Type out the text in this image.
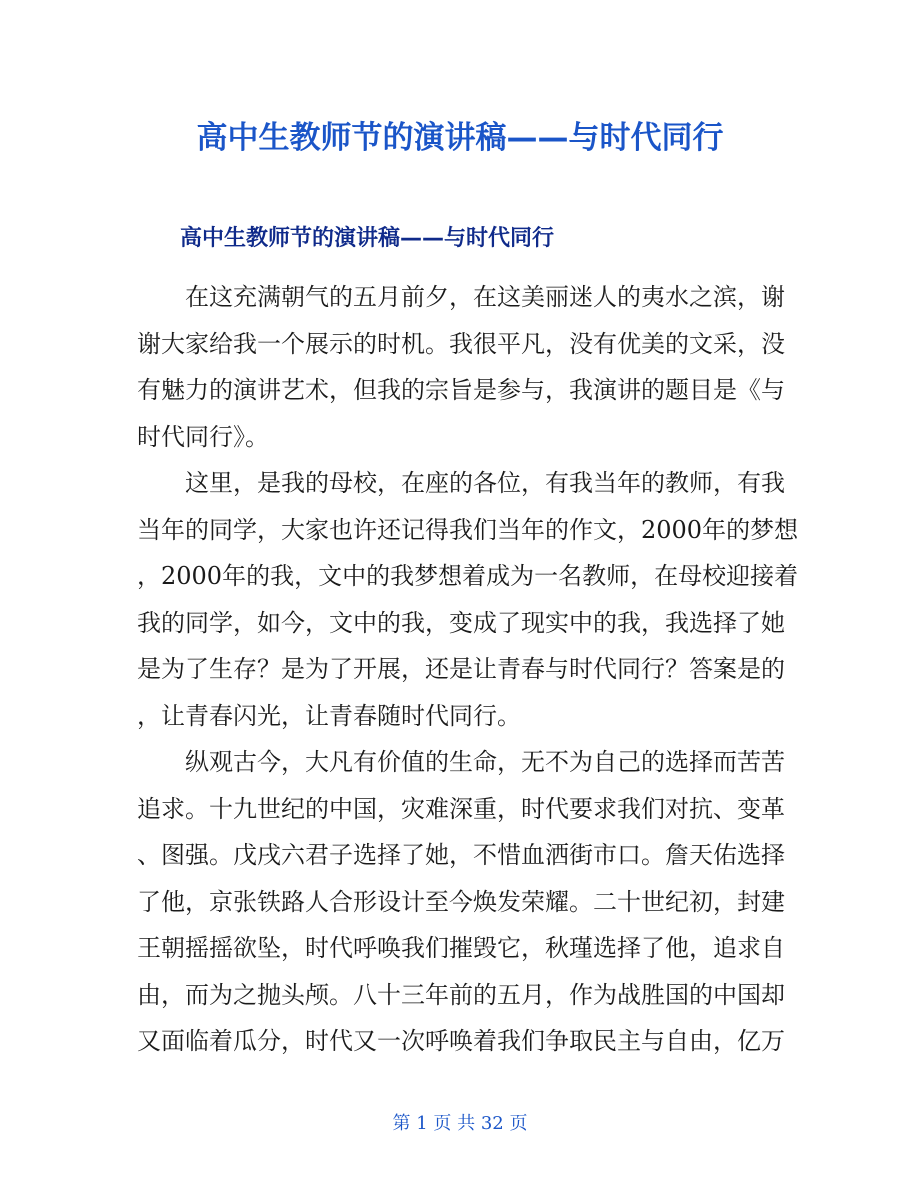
高中生教师节的演讲稿——与时代同行
高中生教师节的演讲稿——与时代同行
　　在这充满朝气的五月前夕，在这美丽迷人的夷水之滨，谢
谢大家给我一个展示的时机。我很平凡，没有优美的文采，没
有魅力的演讲艺术，但我的宗旨是参与，我演讲的题目是《与
时代同行》。
　　这里，是我的母校，在座的各位，有我当年的教师，有我
当年的同学，大家也许还记得我们当年的作文，2000年的梦想
，2000年的我，文中的我梦想着成为一名教师，在母校迎接着
我的同学，如今，文中的我，变成了现实中的我，我选择了她
是为了生存？是为了开展，还是让青春与时代同行？答案是的
，让青春闪光，让青春随时代同行。
　　纵观古今，大凡有价值的生命，无不为自己的选择而苦苦
追求。十九世纪的中国，灾难深重，时代要求我们对抗、变革
、图强。戊戌六君子选择了她，不惜血洒街市口。詹天佑选择
了他，京张铁路人合形设计至今焕发荣耀。二十世纪初，封建
王朝摇摇欲坠，时代呼唤我们摧毁它，秋瑾选择了他，追求自
由，而为之抛头颅。八十三年前的五月，作为战胜国的中国却
又面临着瓜分，时代又一次呼唤着我们争取民主与自由，亿万
第 1 页 共 32 页
